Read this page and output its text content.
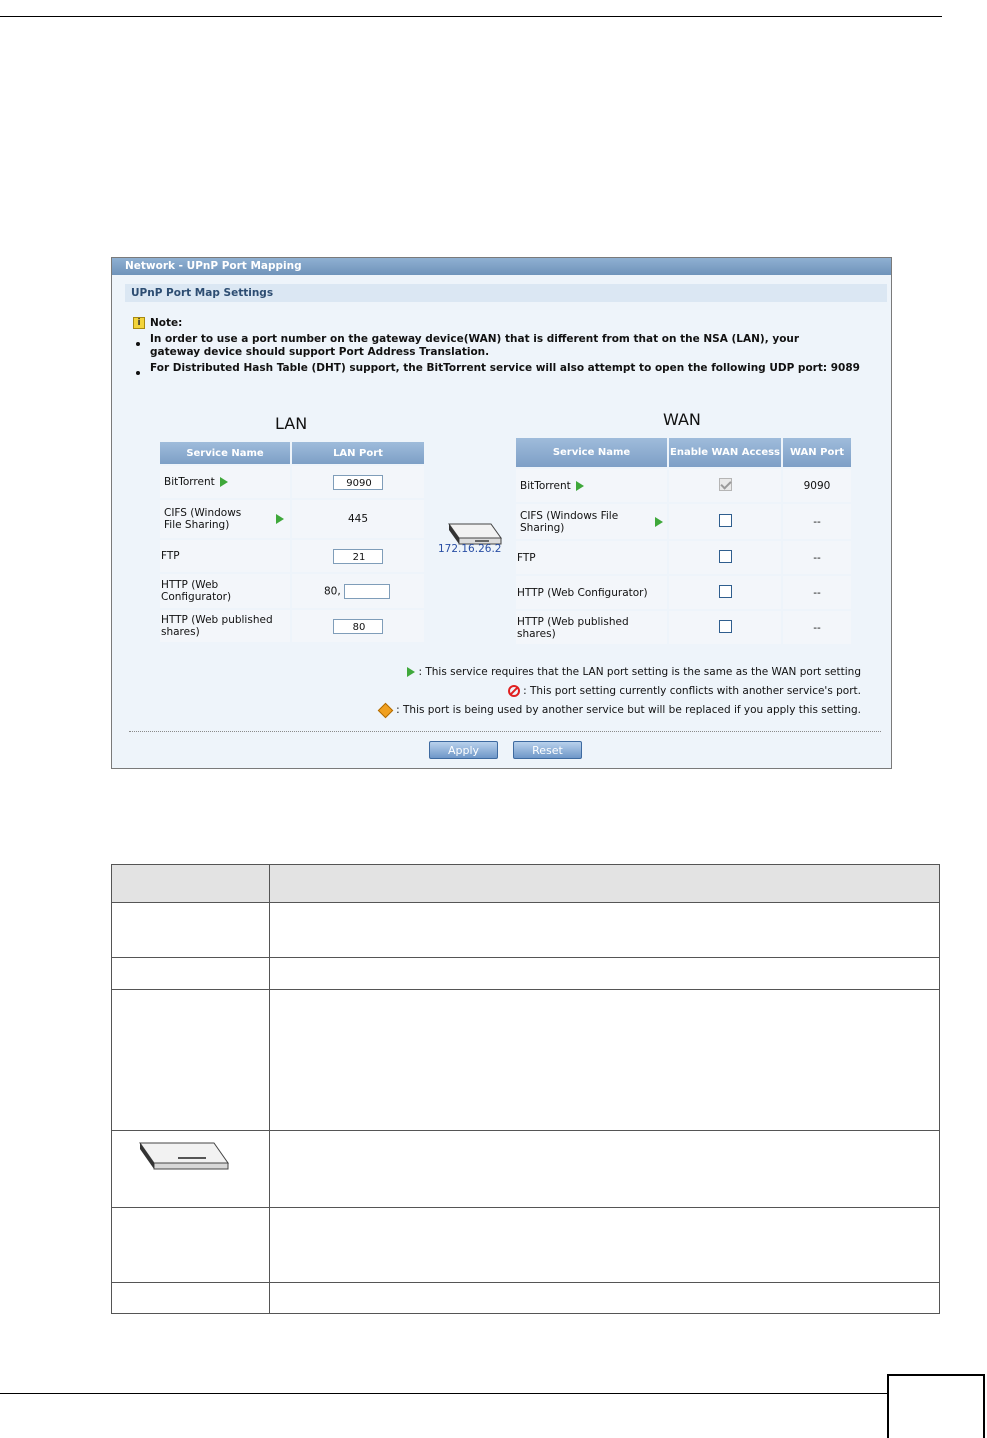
Network - UPnP Port Mapping
UPnP Port Map Settings
i Note:
In order to use a port number on the gateway device(WAN) that is different from that on the NSA (LAN), your gateway device should support Port Address Translation.
For Distributed Hash Table (DHT) support, the BitTorrent service will also attempt to open the following UDP port: 9089
LAN	WAN
Service Name	LAN Port
BitTorrent	9090
CIFS (Windows File Sharing)	445
FTP	21
HTTP (Web Configurator)	80,
HTTP (Web published shares)	80
172.16.26.2
Service Name	Enable WAN Access	WAN Port
BitTorrent		9090
CIFS (Windows File Sharing)		--
FTP		--
HTTP (Web Configurator)		--
HTTP (Web published shares)		--
: This service requires that the LAN port setting is the same as the WAN port setting
: This port setting currently conflicts with another service's port.
: This port is being used by another service but will be replaced if you apply this setting.
Apply	Reset
